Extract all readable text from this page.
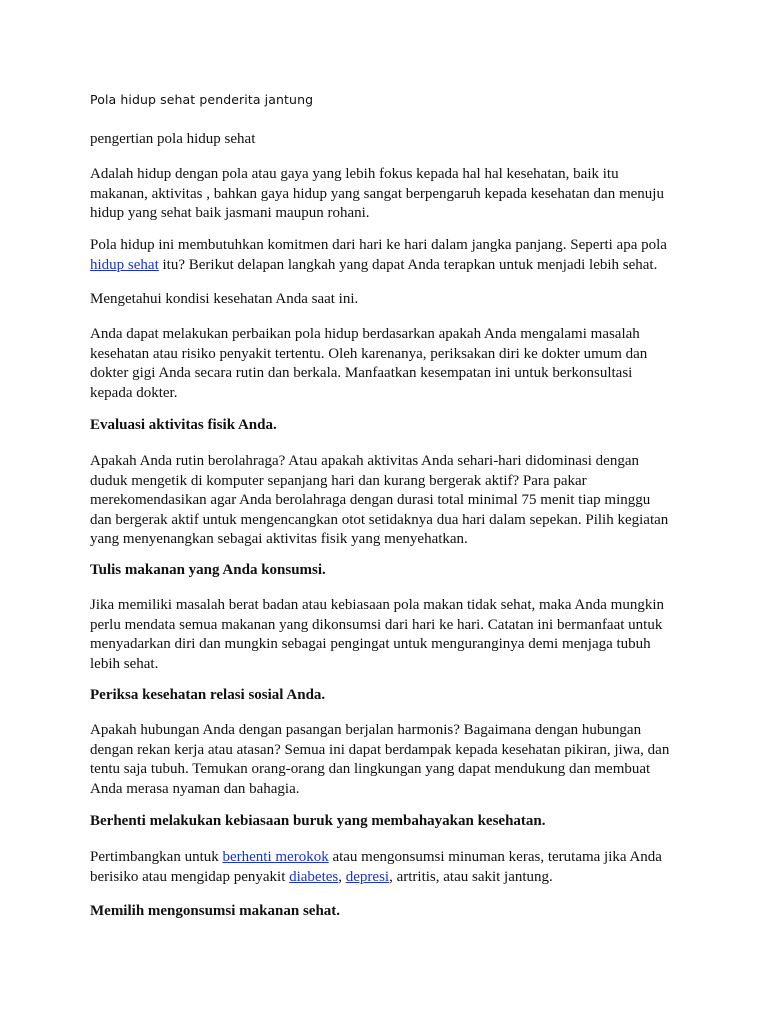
Pola hidup sehat penderita jantung

pengertian pola hidup sehat

Adalah hidup dengan pola atau gaya yang lebih fokus kepada hal hal kesehatan, baik itu
makanan, aktivitas , bahkan gaya hidup yang sangat berpengaruh kepada kesehatan dan menuju
hidup yang sehat baik jasmani maupun rohani.

Pola hidup ini membutuhkan komitmen dari hari ke hari dalam jangka panjang. Seperti apa pola
hidup sehat itu? Berikut delapan langkah yang dapat Anda terapkan untuk menjadi lebih sehat.

Mengetahui kondisi kesehatan Anda saat ini.

Anda dapat melakukan perbaikan pola hidup berdasarkan apakah Anda mengalami masalah
kesehatan atau risiko penyakit tertentu. Oleh karenanya, periksakan diri ke dokter umum dan
dokter gigi Anda secara rutin dan berkala. Manfaatkan kesempatan ini untuk berkonsultasi
kepada dokter.

Evaluasi aktivitas fisik Anda.

Apakah Anda rutin berolahraga? Atau apakah aktivitas Anda sehari-hari didominasi dengan
duduk mengetik di komputer sepanjang hari dan kurang bergerak aktif? Para pakar
merekomendasikan agar Anda berolahraga dengan durasi total minimal 75 menit tiap minggu
dan bergerak aktif untuk mengencangkan otot setidaknya dua hari dalam sepekan. Pilih kegiatan
yang menyenangkan sebagai aktivitas fisik yang menyehatkan.

Tulis makanan yang Anda konsumsi.

Jika memiliki masalah berat badan atau kebiasaan pola makan tidak sehat, maka Anda mungkin
perlu mendata semua makanan yang dikonsumsi dari hari ke hari. Catatan ini bermanfaat untuk
menyadarkan diri dan mungkin sebagai pengingat untuk menguranginya demi menjaga tubuh
lebih sehat.

Periksa kesehatan relasi sosial Anda.

Apakah hubungan Anda dengan pasangan berjalan harmonis? Bagaimana dengan hubungan
dengan rekan kerja atau atasan? Semua ini dapat berdampak kepada kesehatan pikiran, jiwa, dan
tentu saja tubuh. Temukan orang-orang dan lingkungan yang dapat mendukung dan membuat
Anda merasa nyaman dan bahagia.

Berhenti melakukan kebiasaan buruk yang membahayakan kesehatan.

Pertimbangkan untuk berhenti merokok atau mengonsumsi minuman keras, terutama jika Anda
berisiko atau mengidap penyakit diabetes, depresi, artritis, atau sakit jantung.

Memilih mengonsumsi makanan sehat.
